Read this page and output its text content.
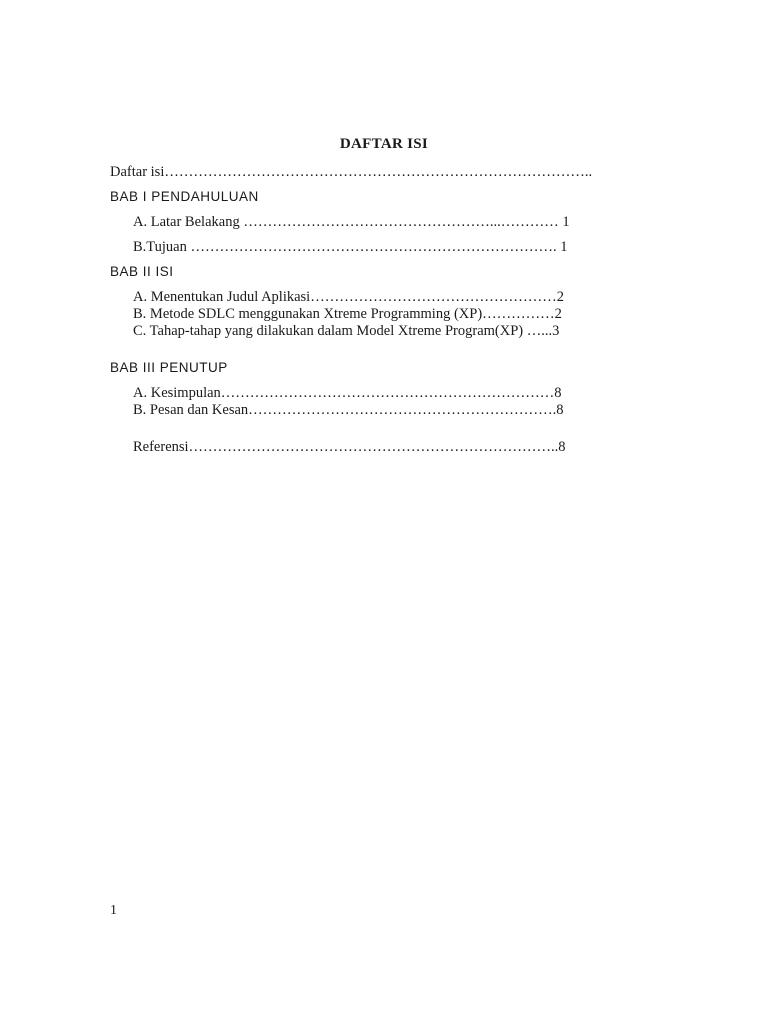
DAFTAR ISI
Daftar isi……………………………………………………………………………..
BAB I PENDAHULUAN
A. Latar Belakang ……………………………………………...………… 1
B.Tujuan …………………………………………………………………. 1
BAB II ISI
A. Menentukan Judul Aplikasi……………………………………………2
B. Metode SDLC menggunakan Xtreme Programming (XP)……………2
C. Tahap-tahap yang dilakukan dalam Model Xtreme Program(XP) …...3
BAB III PENUTUP
A. Kesimpulan……………………………………………………………8
B. Pesan dan Kesan……………………………………………………….8
Referensi…………………………………………………………………..8
1
